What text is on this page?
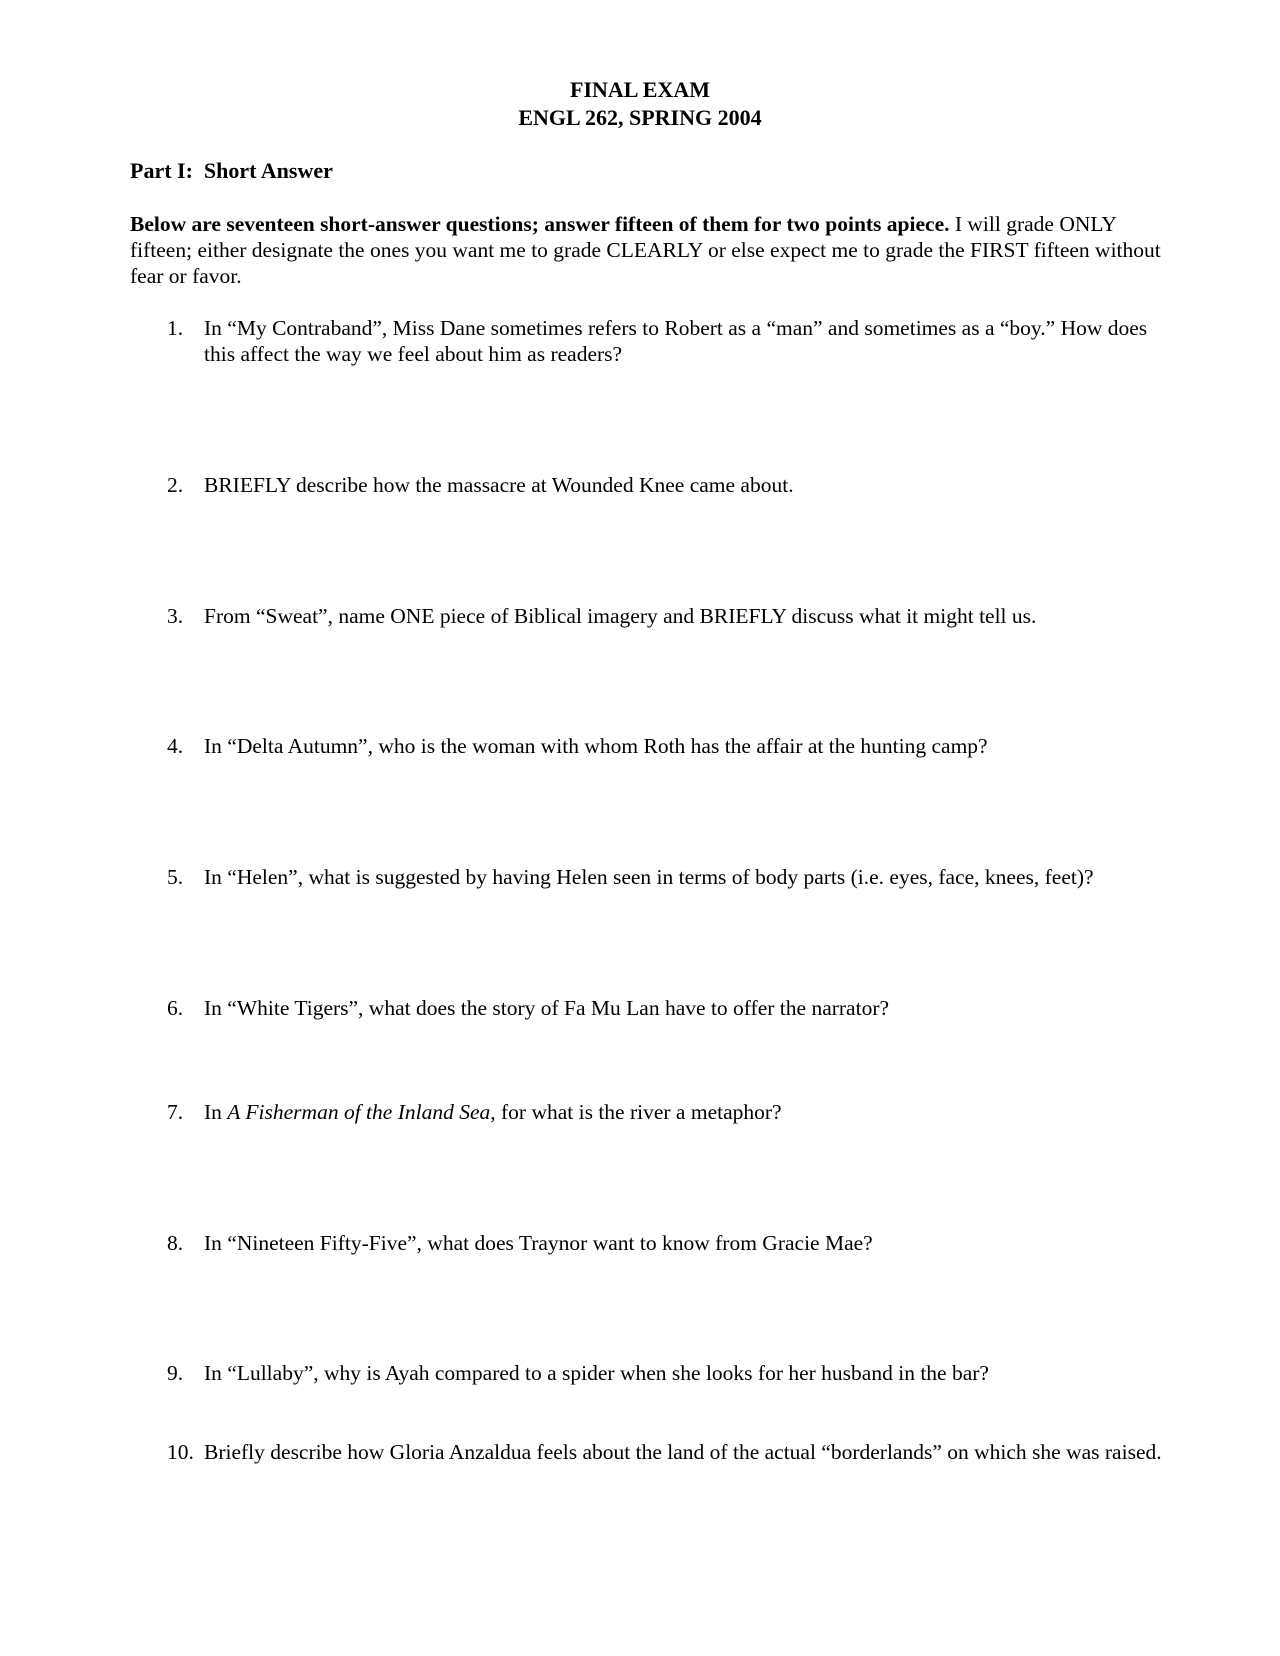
FINAL EXAM
ENGL 262, SPRING 2004
Part I:  Short Answer
Below are seventeen short-answer questions; answer fifteen of them for two points apiece. I will grade ONLY fifteen; either designate the ones you want me to grade CLEARLY or else expect me to grade the FIRST fifteen without fear or favor.
1. In “My Contraband”, Miss Dane sometimes refers to Robert as a “man” and sometimes as a “boy.” How does this affect the way we feel about him as readers?
2. BRIEFLY describe how the massacre at Wounded Knee came about.
3. From “Sweat”, name ONE piece of Biblical imagery and BRIEFLY discuss what it might tell us.
4. In “Delta Autumn”, who is the woman with whom Roth has the affair at the hunting camp?
5. In “Helen”, what is suggested by having Helen seen in terms of body parts (i.e. eyes, face, knees, feet)?
6. In “White Tigers”, what does the story of Fa Mu Lan have to offer the narrator?
7. In A Fisherman of the Inland Sea, for what is the river a metaphor?
8. In “Nineteen Fifty-Five”, what does Traynor want to know from Gracie Mae?
9. In “Lullaby”, why is Ayah compared to a spider when she looks for her husband in the bar?
10. Briefly describe how Gloria Anzaldua feels about the land of the actual “borderlands” on which she was raised.
